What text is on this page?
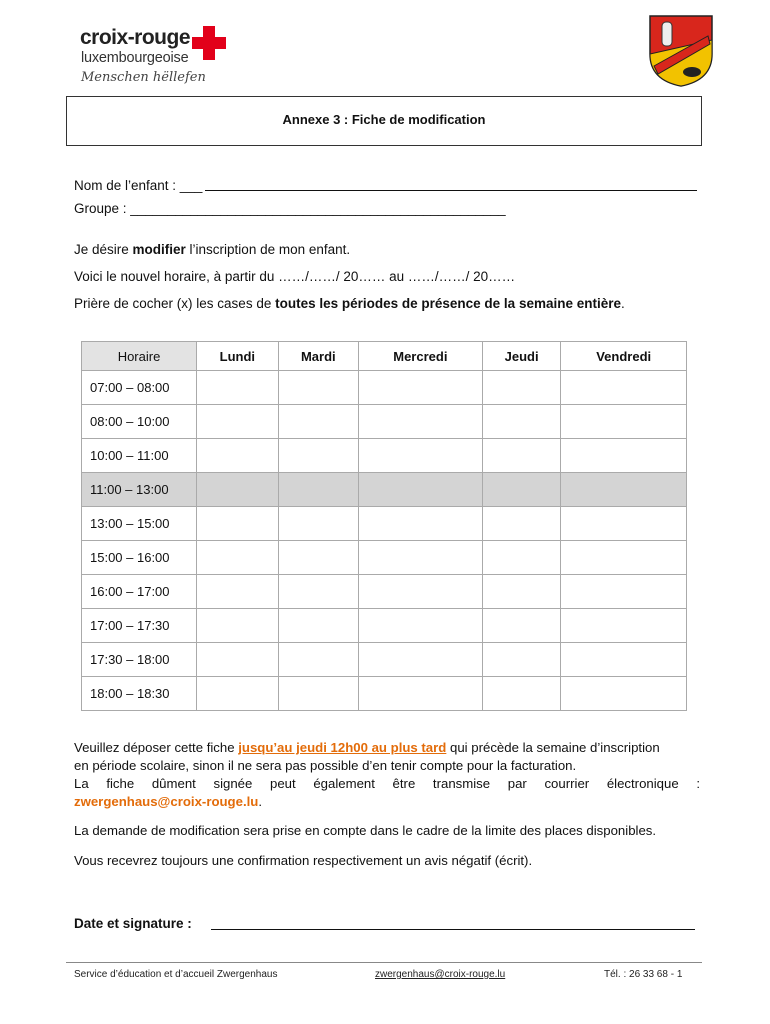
croix-rouge
luxembourgeoise
Menschen hëllefen
Annexe 3 : Fiche de modification
Nom de l’enfant : ___
Groupe : __________________________________________________
Je désire modifier l’inscription de mon enfant.
Voici le nouvel horaire, à partir du ……/……/ 20…… au ……/……/ 20……
Prière de cocher (x) les cases de toutes les périodes de présence de la semaine entière.
Horaire	Lundi	Mardi	Mercredi	Jeudi	Vendredi
07:00 – 08:00					
08:00 – 10:00					
10:00 – 11:00					
11:00 – 13:00					
13:00 – 15:00					
15:00 – 16:00					
16:00 – 17:00					
17:00 – 17:30					
17:30 – 18:00					
18:00 – 18:30					
Veuillez déposer cette fiche jusqu’au jeudi 12h00 au plus tard qui précède la semaine d’inscription
en période scolaire, sinon il ne sera pas possible d’en tenir compte pour la facturation.
La fiche dûment signée peut également être transmise par courrier électronique :
zwergenhaus@croix-rouge.lu.
La demande de modification sera prise en compte dans le cadre de la limite des places disponibles.
Vous recevrez toujours une confirmation respectivement un avis négatif (écrit).
Date et signature :
Service d’éducation et d’accueil Zwergenhaus	zwergenhaus@croix-rouge.lu	Tél. : 26 33 68 - 1
